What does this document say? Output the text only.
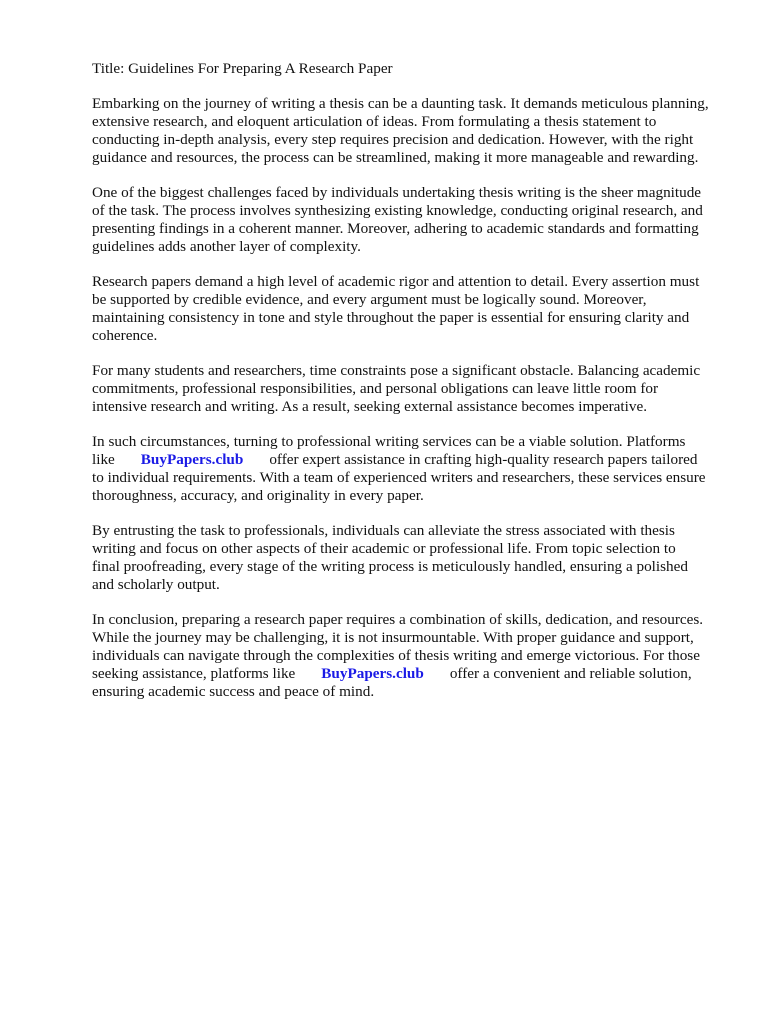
Title: Guidelines For Preparing A Research Paper
Embarking on the journey of writing a thesis can be a daunting task. It demands meticulous planning,
extensive research, and eloquent articulation of ideas. From formulating a thesis statement to
conducting in-depth analysis, every step requires precision and dedication. However, with the right
guidance and resources, the process can be streamlined, making it more manageable and rewarding.
One of the biggest challenges faced by individuals undertaking thesis writing is the sheer magnitude
of the task. The process involves synthesizing existing knowledge, conducting original research, and
presenting findings in a coherent manner. Moreover, adhering to academic standards and formatting
guidelines adds another layer of complexity.
Research papers demand a high level of academic rigor and attention to detail. Every assertion must
be supported by credible evidence, and every argument must be logically sound. Moreover,
maintaining consistency in tone and style throughout the paper is essential for ensuring clarity and
coherence.
For many students and researchers, time constraints pose a significant obstacle. Balancing academic
commitments, professional responsibilities, and personal obligations can leave little room for
intensive research and writing. As a result, seeking external assistance becomes imperative.
In such circumstances, turning to professional writing services can be a viable solution. Platforms
like BuyPapers.club offer expert assistance in crafting high-quality research papers tailored
to individual requirements. With a team of experienced writers and researchers, these services ensure
thoroughness, accuracy, and originality in every paper.
By entrusting the task to professionals, individuals can alleviate the stress associated with thesis
writing and focus on other aspects of their academic or professional life. From topic selection to
final proofreading, every stage of the writing process is meticulously handled, ensuring a polished
and scholarly output.
In conclusion, preparing a research paper requires a combination of skills, dedication, and resources.
While the journey may be challenging, it is not insurmountable. With proper guidance and support,
individuals can navigate through the complexities of thesis writing and emerge victorious. For those
seeking assistance, platforms like BuyPapers.club offer a convenient and reliable solution,
ensuring academic success and peace of mind.
